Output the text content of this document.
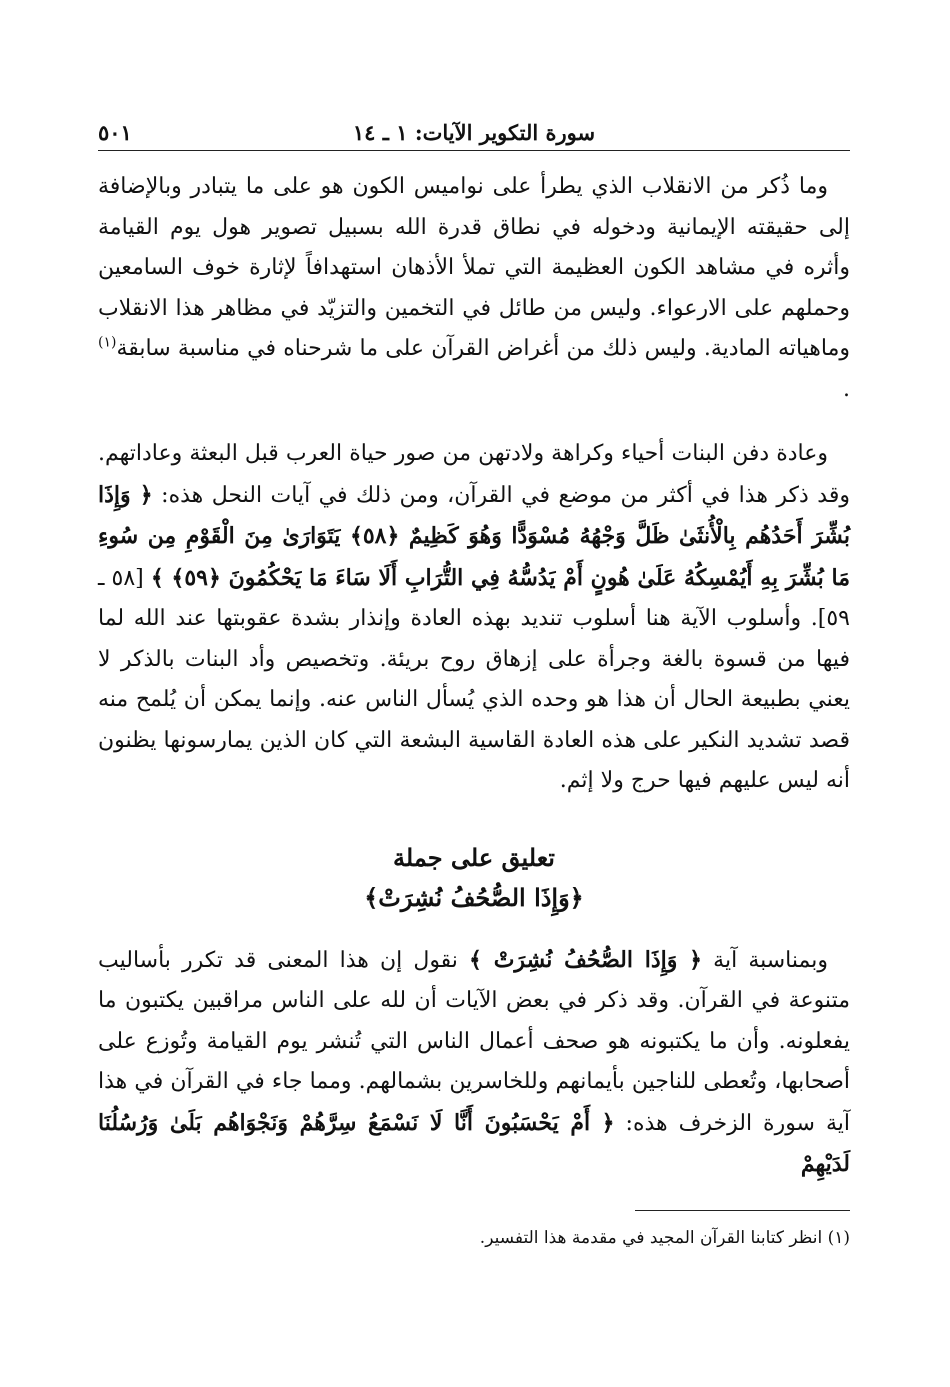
سورة التكوير الآيات: ١ ـ ١٤
٥٠١

وما ذُكر من الانقلاب الذي يطرأ على نواميس الكون هو على ما يتبادر وبالإضافة إلى حقيقته الإيمانية ودخوله في نطاق قدرة الله بسبيل تصوير هول يوم القيامة وأثره في مشاهد الكون العظيمة التي تملأ الأذهان استهدافاً لإثارة خوف السامعين وحملهم على الارعواء. وليس من طائل في التخمين والتزيّد في مظاهر هذا الانقلاب وماهياته المادية. وليس ذلك من أغراض القرآن على ما شرحناه في مناسبة سابقة$^{(١)}$ .

وعادة دفن البنات أحياء وكراهة ولادتهن من صور حياة العرب قبل البعثة وعاداتهم. وقد ذكر هذا في أكثر من موضع في القرآن، ومن ذلك في آيات النحل هذه: ﴿ وَإِذَا بُشِّرَ أَحَدُهُم بِالْأُنثَىٰ ظَلَّ وَجْهُهُ مُسْوَدًّا وَهُوَ كَظِيمٌ ﴿٥٨﴾ يَتَوَارَىٰ مِنَ الْقَوْمِ مِن سُوءِ مَا بُشِّرَ بِهِ أَيُمْسِكُهُ عَلَىٰ هُونٍ أَمْ يَدُسُّهُ فِي التُّرَابِ أَلَا سَاءَ مَا يَحْكُمُونَ ﴿٥٩﴾ ﴾ [٥٨ ـ ٥٩]. وأسلوب الآية هنا أسلوب تنديد بهذه العادة وإنذار بشدة عقوبتها عند الله لما فيها من قسوة بالغة وجرأة على إزهاق روح بريئة. وتخصيص وأد البنات بالذكر لا يعني بطبيعة الحال أن هذا هو وحده الذي يُسأل الناس عنه. وإنما يمكن أن يُلمح منه قصد تشديد النكير على هذه العادة القاسية البشعة التي كان الذين يمارسونها يظنون أنه ليس عليهم فيها حرج ولا إثم.

تعليق على جملة
﴿وَإِذَا الصُّحُفُ نُشِرَتْ﴾

وبمناسبة آية ﴿ وَإِذَا الصُّحُفُ نُشِرَتْ ﴾ نقول إن هذا المعنى قد تكرر بأساليب متنوعة في القرآن. وقد ذكر في بعض الآيات أن لله على الناس مراقبين يكتبون ما يفعلونه. وأن ما يكتبونه هو صحف أعمال الناس التي تُنشر يوم القيامة وتُوزع على أصحابها، وتُعطى للناجين بأيمانهم وللخاسرين بشمالهم. ومما جاء في القرآن في هذا آية سورة الزخرف هذه: ﴿ أَمْ يَحْسَبُونَ أَنَّا لَا نَسْمَعُ سِرَّهُمْ وَنَجْوَاهُم بَلَىٰ وَرُسُلُنَا لَدَيْهِمْ

(١) انظر كتابنا القرآن المجيد في مقدمة هذا التفسير.
